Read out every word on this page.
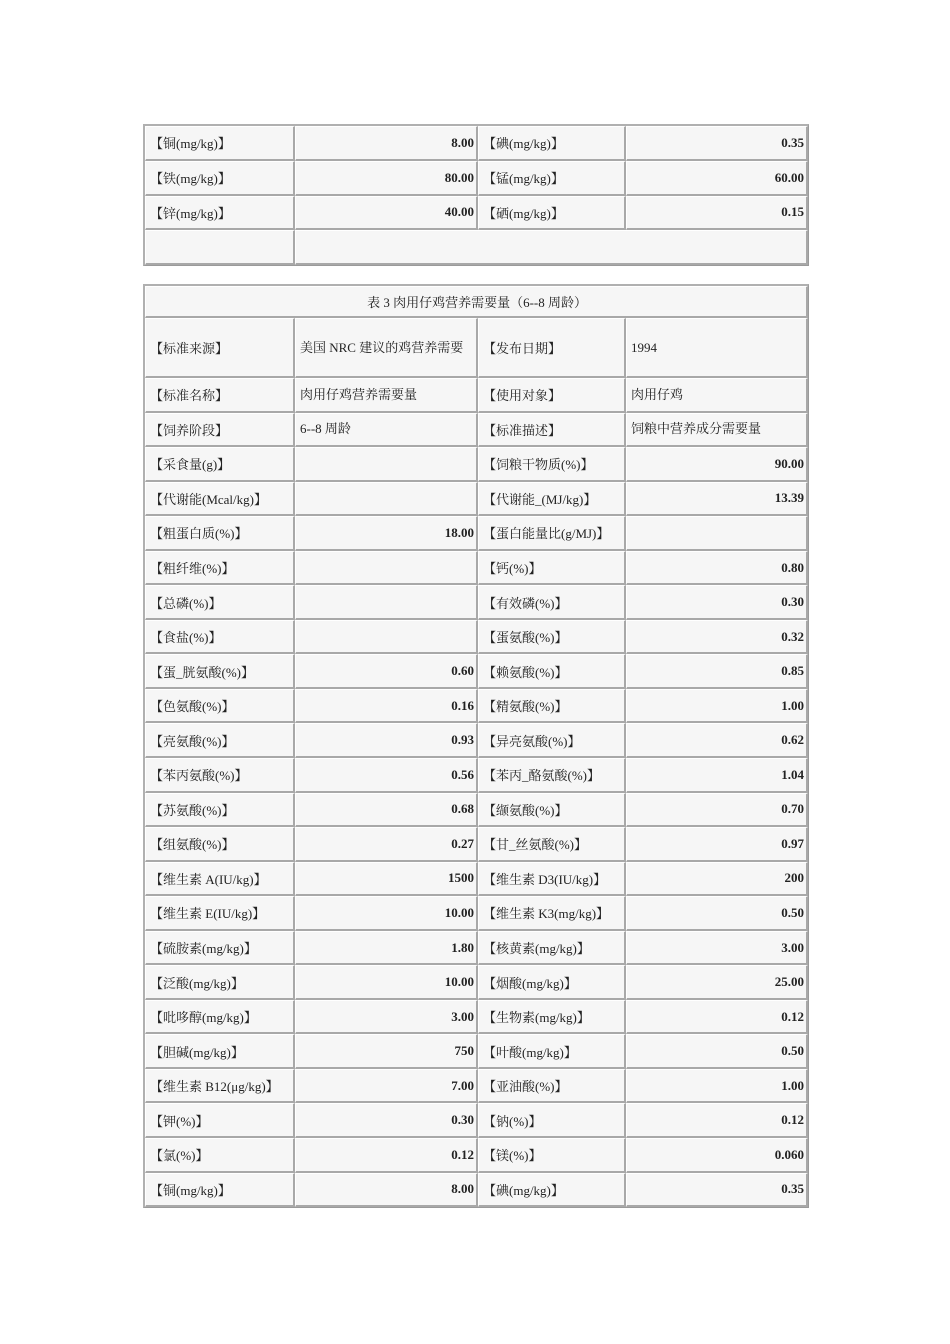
【铜(mg/kg)】	8.00	【碘(mg/kg)】	0.35
【铁(mg/kg)】	80.00	【锰(mg/kg)】	60.00
【锌(mg/kg)】	40.00	【硒(mg/kg)】	0.15

表 3 肉用仔鸡营养需要量（6--8 周龄）			
【标准来源】	美国 NRC 建议的鸡营养需要	【发布日期】	1994
【标准名称】	肉用仔鸡营养需要量	【使用对象】	肉用仔鸡
【饲养阶段】	6--8 周龄	【标准描述】	饲粮中营养成分需要量
【采食量(g)】		【饲粮干物质(%)】	90.00
【代谢能(Mcal/kg)】		【代谢能_(MJ/kg)】	13.39
【粗蛋白质(%)】	18.00	【蛋白能量比(g/MJ)】	
【粗纤维(%)】		【钙(%)】	0.80
【总磷(%)】		【有效磷(%)】	0.30
【食盐(%)】		【蛋氨酸(%)】	0.32
【蛋_胱氨酸(%)】	0.60	【赖氨酸(%)】	0.85
【色氨酸(%)】	0.16	【精氨酸(%)】	1.00
【亮氨酸(%)】	0.93	【异亮氨酸(%)】	0.62
【苯丙氨酸(%)】	0.56	【苯丙_酪氨酸(%)】	1.04
【苏氨酸(%)】	0.68	【缬氨酸(%)】	0.70
【组氨酸(%)】	0.27	【甘_丝氨酸(%)】	0.97
【维生素 A(IU/kg)】	1500	【维生素 D3(IU/kg)】	200
【维生素 E(IU/kg)】	10.00	【维生素 K3(mg/kg)】	0.50
【硫胺素(mg/kg)】	1.80	【核黄素(mg/kg)】	3.00
【泛酸(mg/kg)】	10.00	【烟酸(mg/kg)】	25.00
【吡哆醇(mg/kg)】	3.00	【生物素(mg/kg)】	0.12
【胆碱(mg/kg)】	750	【叶酸(mg/kg)】	0.50
【维生素 B12(μg/kg)】	7.00	【亚油酸(%)】	1.00
【钾(%)】	0.30	【钠(%)】	0.12
【氯(%)】	0.12	【镁(%)】	0.060
【铜(mg/kg)】	8.00	【碘(mg/kg)】	0.35
